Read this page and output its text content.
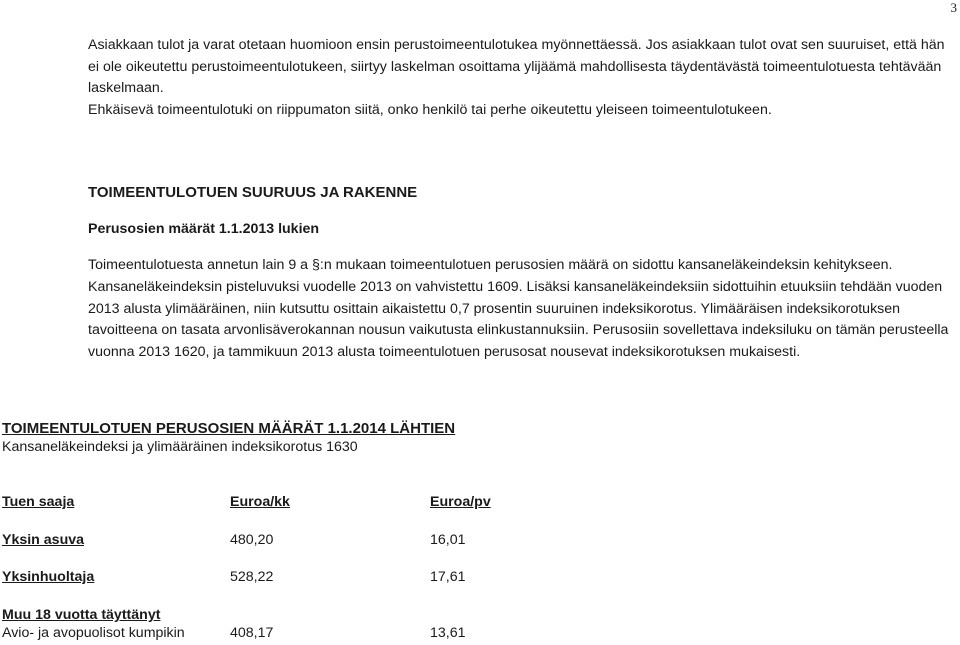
3
Asiakkaan tulot ja varat otetaan huomioon ensin perustoimeentulotukea myönnettäessä. Jos asiakkaan tulot ovat sen suuruiset, että hän ei ole oikeutettu perustoimeentulotukeen, siirtyy laskelman osoittama ylijäämä mahdollisesta täydentävästä toimeentulotuesta tehtävään laskelmaan.
Ehkäisevä toimeentulotuki on riippumaton siitä, onko henkilö tai perhe oikeutettu yleiseen toimeentulotukeen.
TOIMEENTULOTUEN SUURUUS JA RAKENNE
Perusosien määrät 1.1.2013 lukien
Toimeentulotuesta annetun lain 9 a §:n mukaan toimeentulotuen perusosien määrä on sidottu kansaneläkeindeksin kehitykseen. Kansaneläkeindeksin pisteluvuksi vuodelle 2013 on vahvistettu 1609. Lisäksi kansaneläkeindeksiin sidottuihin etuuksiin tehdään vuoden 2013 alusta ylimääräinen, niin kutsuttu osittain aikaistettu 0,7 prosentin suuruinen indeksikorotus. Ylimääräisen indeksikorotuksen tavoitteena on tasata arvonlisäverokannan nousun vaikutusta elinkustannuksiin. Perusosiin sovellettava indeksiluku on tämän perusteella vuonna 2013 1620, ja tammikuun 2013 alusta toimeentulotuen perusosat nousevat indeksikorotuksen mukaisesti.
TOIMEENTULOTUEN PERUSOSIEN MÄÄRÄT 1.1.2014 LÄHTIEN
Kansaneläkeindeksi ja ylimääräinen indeksikorotus 1630
Tuen saaja	Euroa/kk	Euroa/pv
Yksin asuva	480,20	16,01
Yksinhuoltaja	528,22	17,61
Muu 18 vuotta täyttänyt
Avio- ja avopuolisot kumpikin	408,17	13,61
